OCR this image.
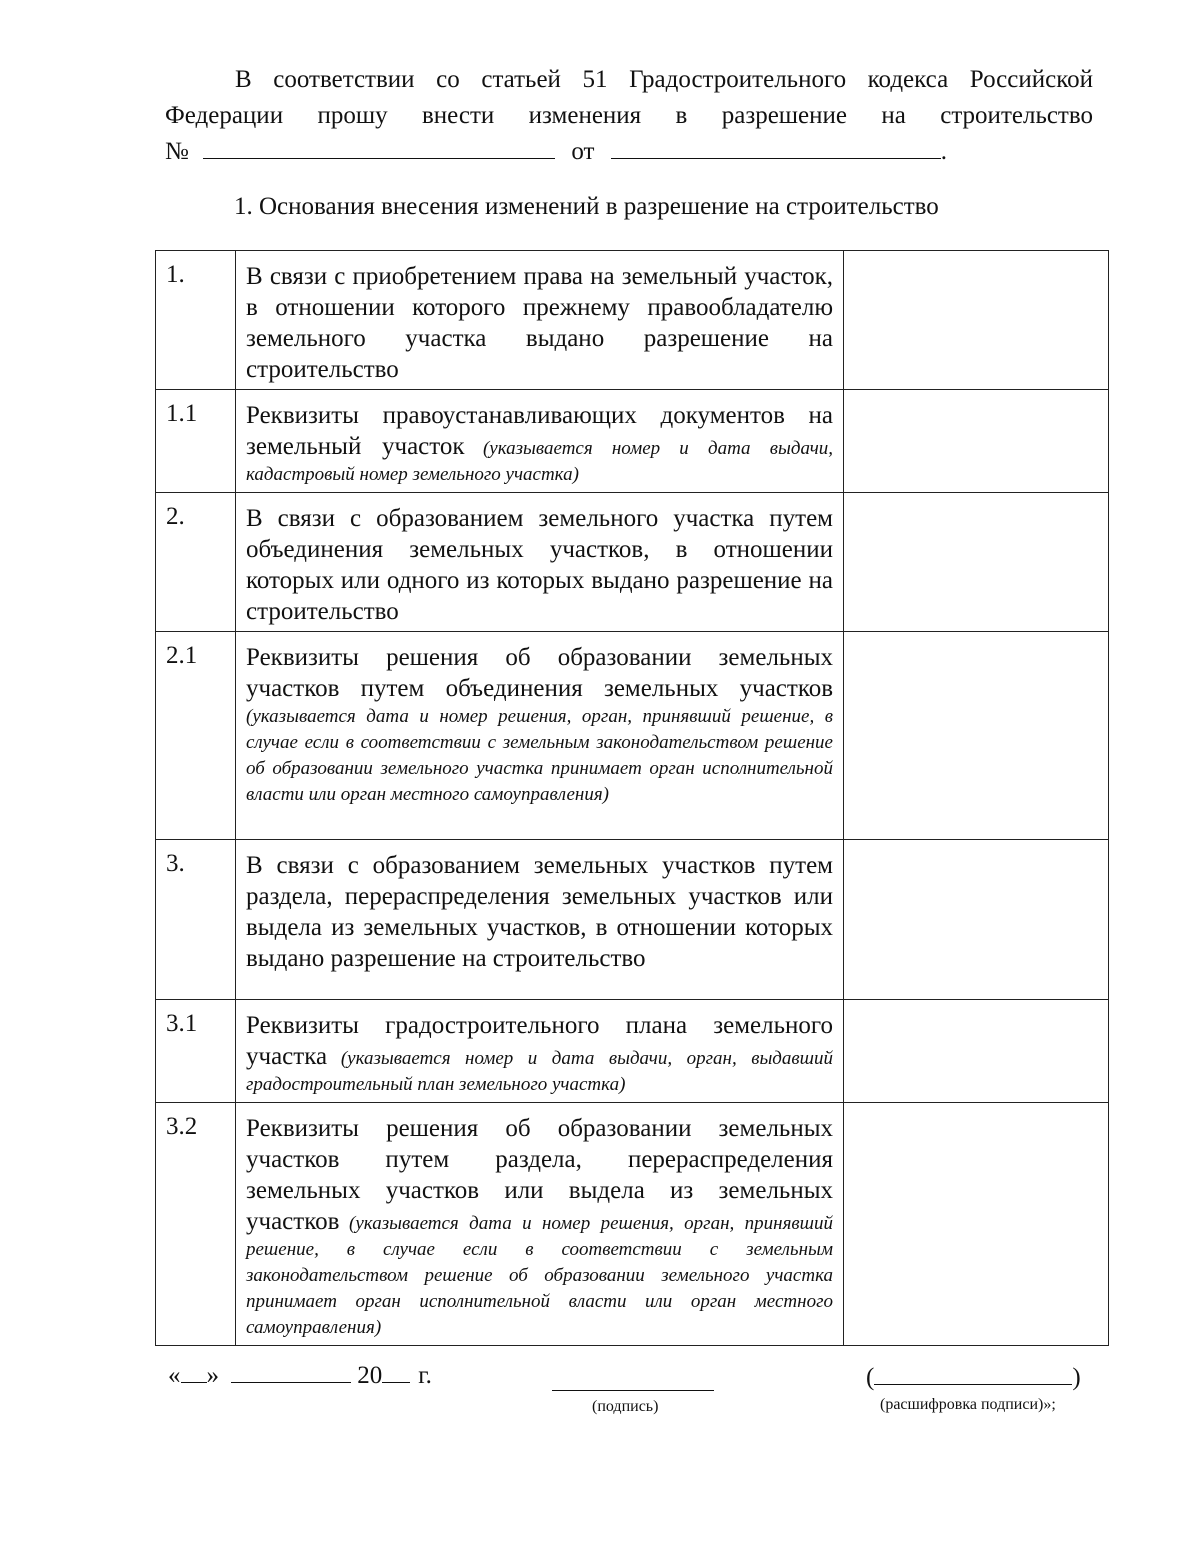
В соответствии со статьей 51 Градостроительного кодекса Российской
Федерации прошу внести изменения в разрешение на строительство
№	от	.
1. Основания внесения изменений в разрешение на строительство
1.	В связи с приобретением права на земельный участок, в отношении которого прежнему правообладателю земельного участка выдано разрешение на строительство	
1.1	Реквизиты правоустанавливающих документов на земельный участок (указывается номер и дата выдачи, кадастровый номер земельного участка)	
2.	В связи с образованием земельного участка путем объединения земельных участков, в отношении которых или одного из которых выдано разрешение на строительство	
2.1	Реквизиты решения об образовании земельных участков путем объединения земельных участков (указывается дата и номер решения, орган, принявший решение, в случае если в соответствии с земельным законодательством решение об образовании земельного участка принимает орган исполнительной власти или орган местного самоуправления)	
3.	В связи с образованием земельных участков путем раздела, перераспределения земельных участков или выдела из земельных участков, в отношении которых выдано разрешение на строительство	
3.1	Реквизиты градостроительного плана земельного участка (указывается номер и дата выдачи, орган, выдавший градостроительный план земельного участка)	
3.2	Реквизиты решения об образовании земельных участков путем раздела, перераспределения земельных участков или выдела из земельных участков (указывается дата и номер решения, орган, принявший решение, в случае если в соответствии с земельным законодательством решение об образовании земельного участка принимает орган исполнительной власти или орган местного самоуправления)	
« »	20 г.
(подпись)
(	)
(расшифровка подписи)»;
